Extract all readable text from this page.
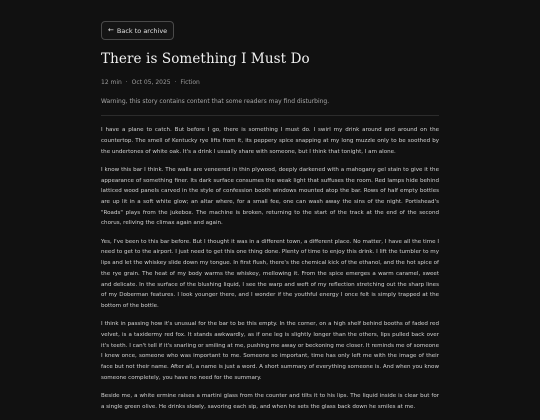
← Back to archive
There is Something I Must Do
12 min · Oct 05, 2025 · Fiction
Warning, this story contains content that some readers may find disturbing.

I have a plane to catch. But before I go, there is something I must do. I swirl my drink around and around on the countertop. The smell of Kentucky rye lifts from it, its peppery spice snapping at my long muzzle only to be soothed by the undertones of white oak. It's a drink I usually share with someone, but I think that tonight, I am alone.

I know this bar I think. The walls are veneered in thin plywood, deeply darkened with a mahogany gel stain to give it the appearance of something finer. Its dark surface consumes the weak light that suffuses the room. Red lamps hide behind latticed wood panels carved in the style of confession booth windows mounted atop the bar. Rows of half empty bottles are up lit in a soft white glow; an altar where, for a small fee, one can wash away the sins of the night. Portishead's "Roads" plays from the jukebox. The machine is broken, returning to the start of the track at the end of the second chorus, reliving the climax again and again.

Yes, I've been to this bar before. But I thought it was in a different town, a different place. No matter, I have all the time I need to get to the airport. I just need to get this one thing done. Plenty of time to enjoy this drink. I lift the tumbler to my lips and let the whiskey slide down my tongue. In first flush, there's the chemical kick of the ethanol, and the hot spice of the rye grain. The heat of my body warms the whiskey, mellowing it. From the spice emerges a warm caramel, sweet and delicate. In the surface of the blushing liquid, I see the warp and weft of my reflection stretching out the sharp lines of my Doberman features. I look younger there, and I wonder if the youthful energy I once felt is simply trapped at the bottom of the bottle.

I think in passing how it's unusual for the bar to be this empty. In the corner, on a high shelf behind booths of faded red velvet, is a taxidermy red fox. It stands awkwardly, as if one leg is slightly longer than the others, lips pulled back over it's teeth. I can't tell if it's snarling or smiling at me, pushing me away or beckoning me closer. It reminds me of someone I knew once, someone who was important to me. Someone so important, time has only left me with the image of their face but not their name. After all, a name is just a word. A short summary of everything someone is. And when you know someone completely, you have no need for the summary.

Beside me, a white ermine raises a martini glass from the counter and tilts it to his lips. The liquid inside is clear but for a single green olive. He drinks slowly, savoring each sip, and when he sets the glass back down he smiles at me.
